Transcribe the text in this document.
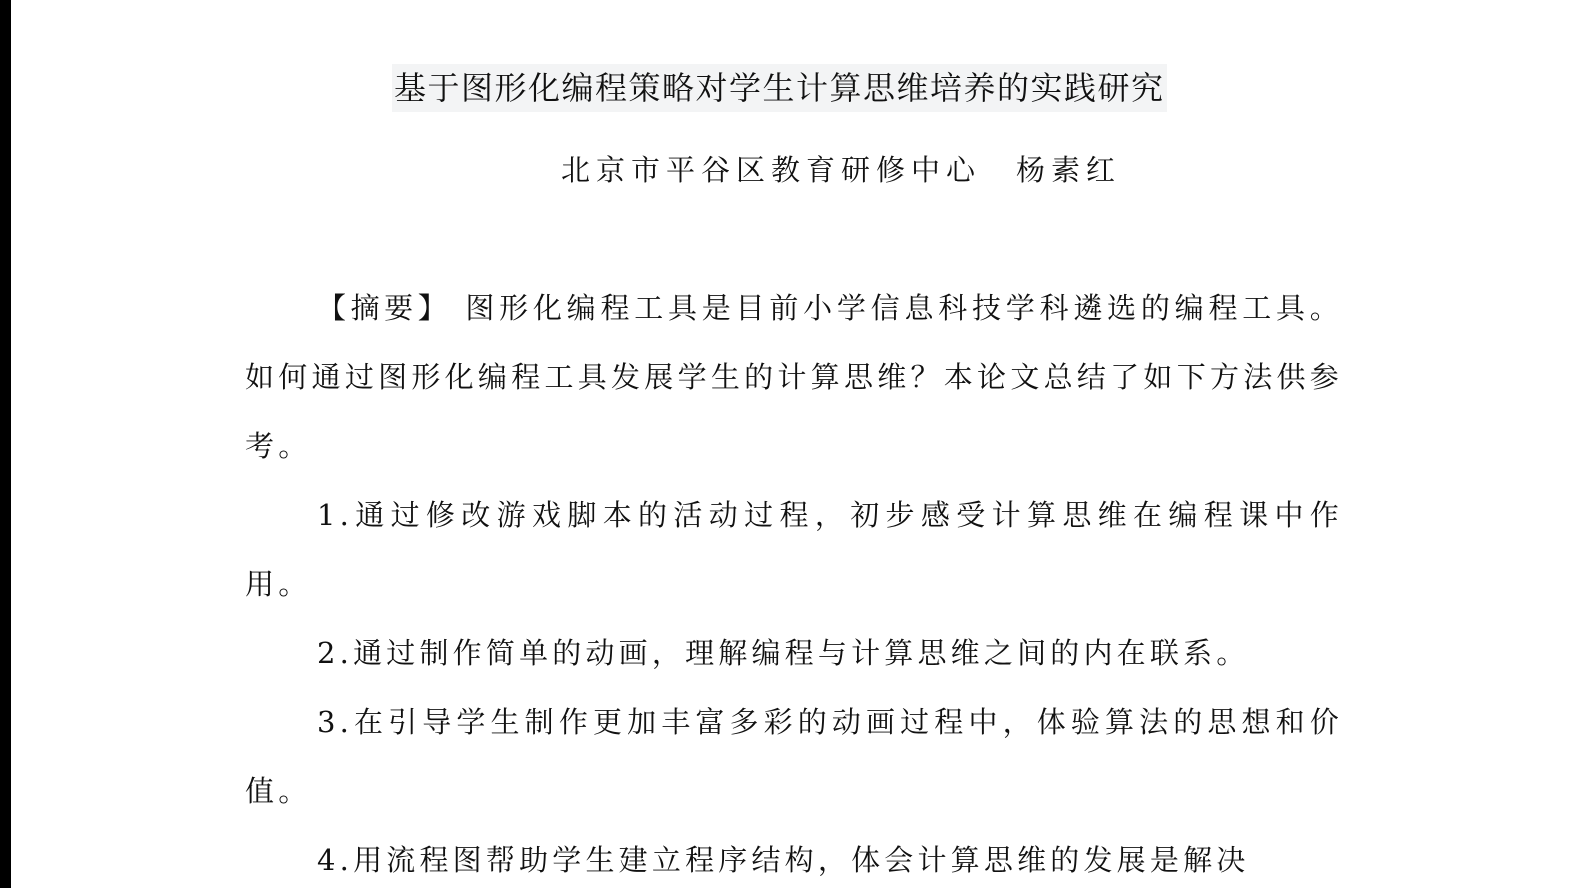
基于图形化编程策略对学生计算思维培养的实践研究
北京市平谷区教育研修中心　杨素红

【摘要】 图形化编程工具是目前小学信息科技学科遴选的编程工具。如何通过图形化编程工具发展学生的计算思维？本论文总结了如下方法供参考。

1.通过修改游戏脚本的活动过程，初步感受计算思维在编程课中作用。

2.通过制作简单的动画，理解编程与计算思维之间的内在联系。

3.在引导学生制作更加丰富多彩的动画过程中，体验算法的思想和价值。

4.用流程图帮助学生建立程序结构，体会计算思维的发展是解决
